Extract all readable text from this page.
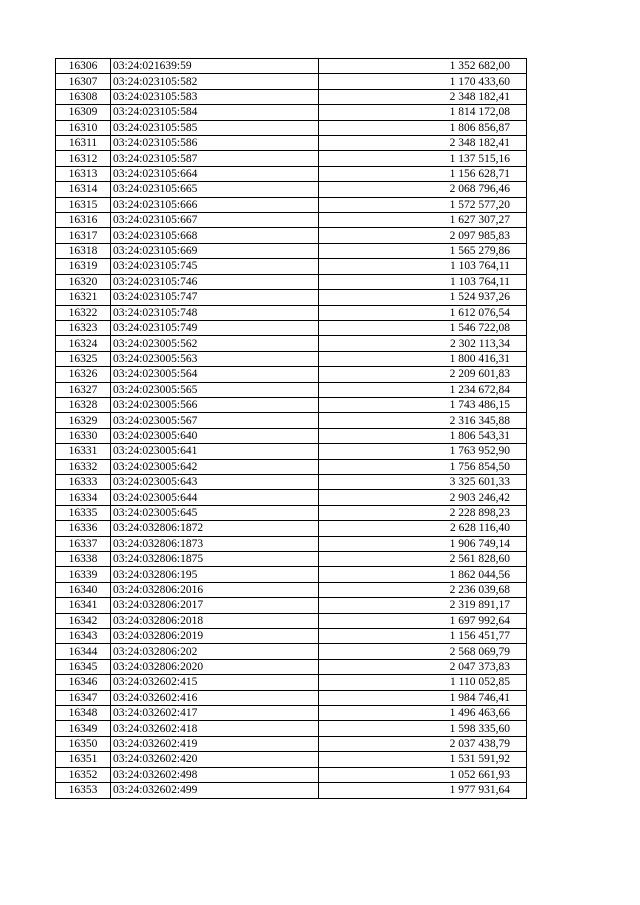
16306	03:24:021639:59	1 352 682,00
16307	03:24:023105:582	1 170 433,60
16308	03:24:023105:583	2 348 182,41
16309	03:24:023105:584	1 814 172,08
16310	03:24:023105:585	1 806 856,87
16311	03:24:023105:586	2 348 182,41
16312	03:24:023105:587	1 137 515,16
16313	03:24:023105:664	1 156 628,71
16314	03:24:023105:665	2 068 796,46
16315	03:24:023105:666	1 572 577,20
16316	03:24:023105:667	1 627 307,27
16317	03:24:023105:668	2 097 985,83
16318	03:24:023105:669	1 565 279,86
16319	03:24:023105:745	1 103 764,11
16320	03:24:023105:746	1 103 764,11
16321	03:24:023105:747	1 524 937,26
16322	03:24:023105:748	1 612 076,54
16323	03:24:023105:749	1 546 722,08
16324	03:24:023005:562	2 302 113,34
16325	03:24:023005:563	1 800 416,31
16326	03:24:023005:564	2 209 601,83
16327	03:24:023005:565	1 234 672,84
16328	03:24:023005:566	1 743 486,15
16329	03:24:023005:567	2 316 345,88
16330	03:24:023005:640	1 806 543,31
16331	03:24:023005:641	1 763 952,90
16332	03:24:023005:642	1 756 854,50
16333	03:24:023005:643	3 325 601,33
16334	03:24:023005:644	2 903 246,42
16335	03:24:023005:645	2 228 898,23
16336	03:24:032806:1872	2 628 116,40
16337	03:24:032806:1873	1 906 749,14
16338	03:24:032806:1875	2 561 828,60
16339	03:24:032806:195	1 862 044,56
16340	03:24:032806:2016	2 236 039,68
16341	03:24:032806:2017	2 319 891,17
16342	03:24:032806:2018	1 697 992,64
16343	03:24:032806:2019	1 156 451,77
16344	03:24:032806:202	2 568 069,79
16345	03:24:032806:2020	2 047 373,83
16346	03:24:032602:415	1 110 052,85
16347	03:24:032602:416	1 984 746,41
16348	03:24:032602:417	1 496 463,66
16349	03:24:032602:418	1 598 335,60
16350	03:24:032602:419	2 037 438,79
16351	03:24:032602:420	1 531 591,92
16352	03:24:032602:498	1 052 661,93
16353	03:24:032602:499	1 977 931,64
